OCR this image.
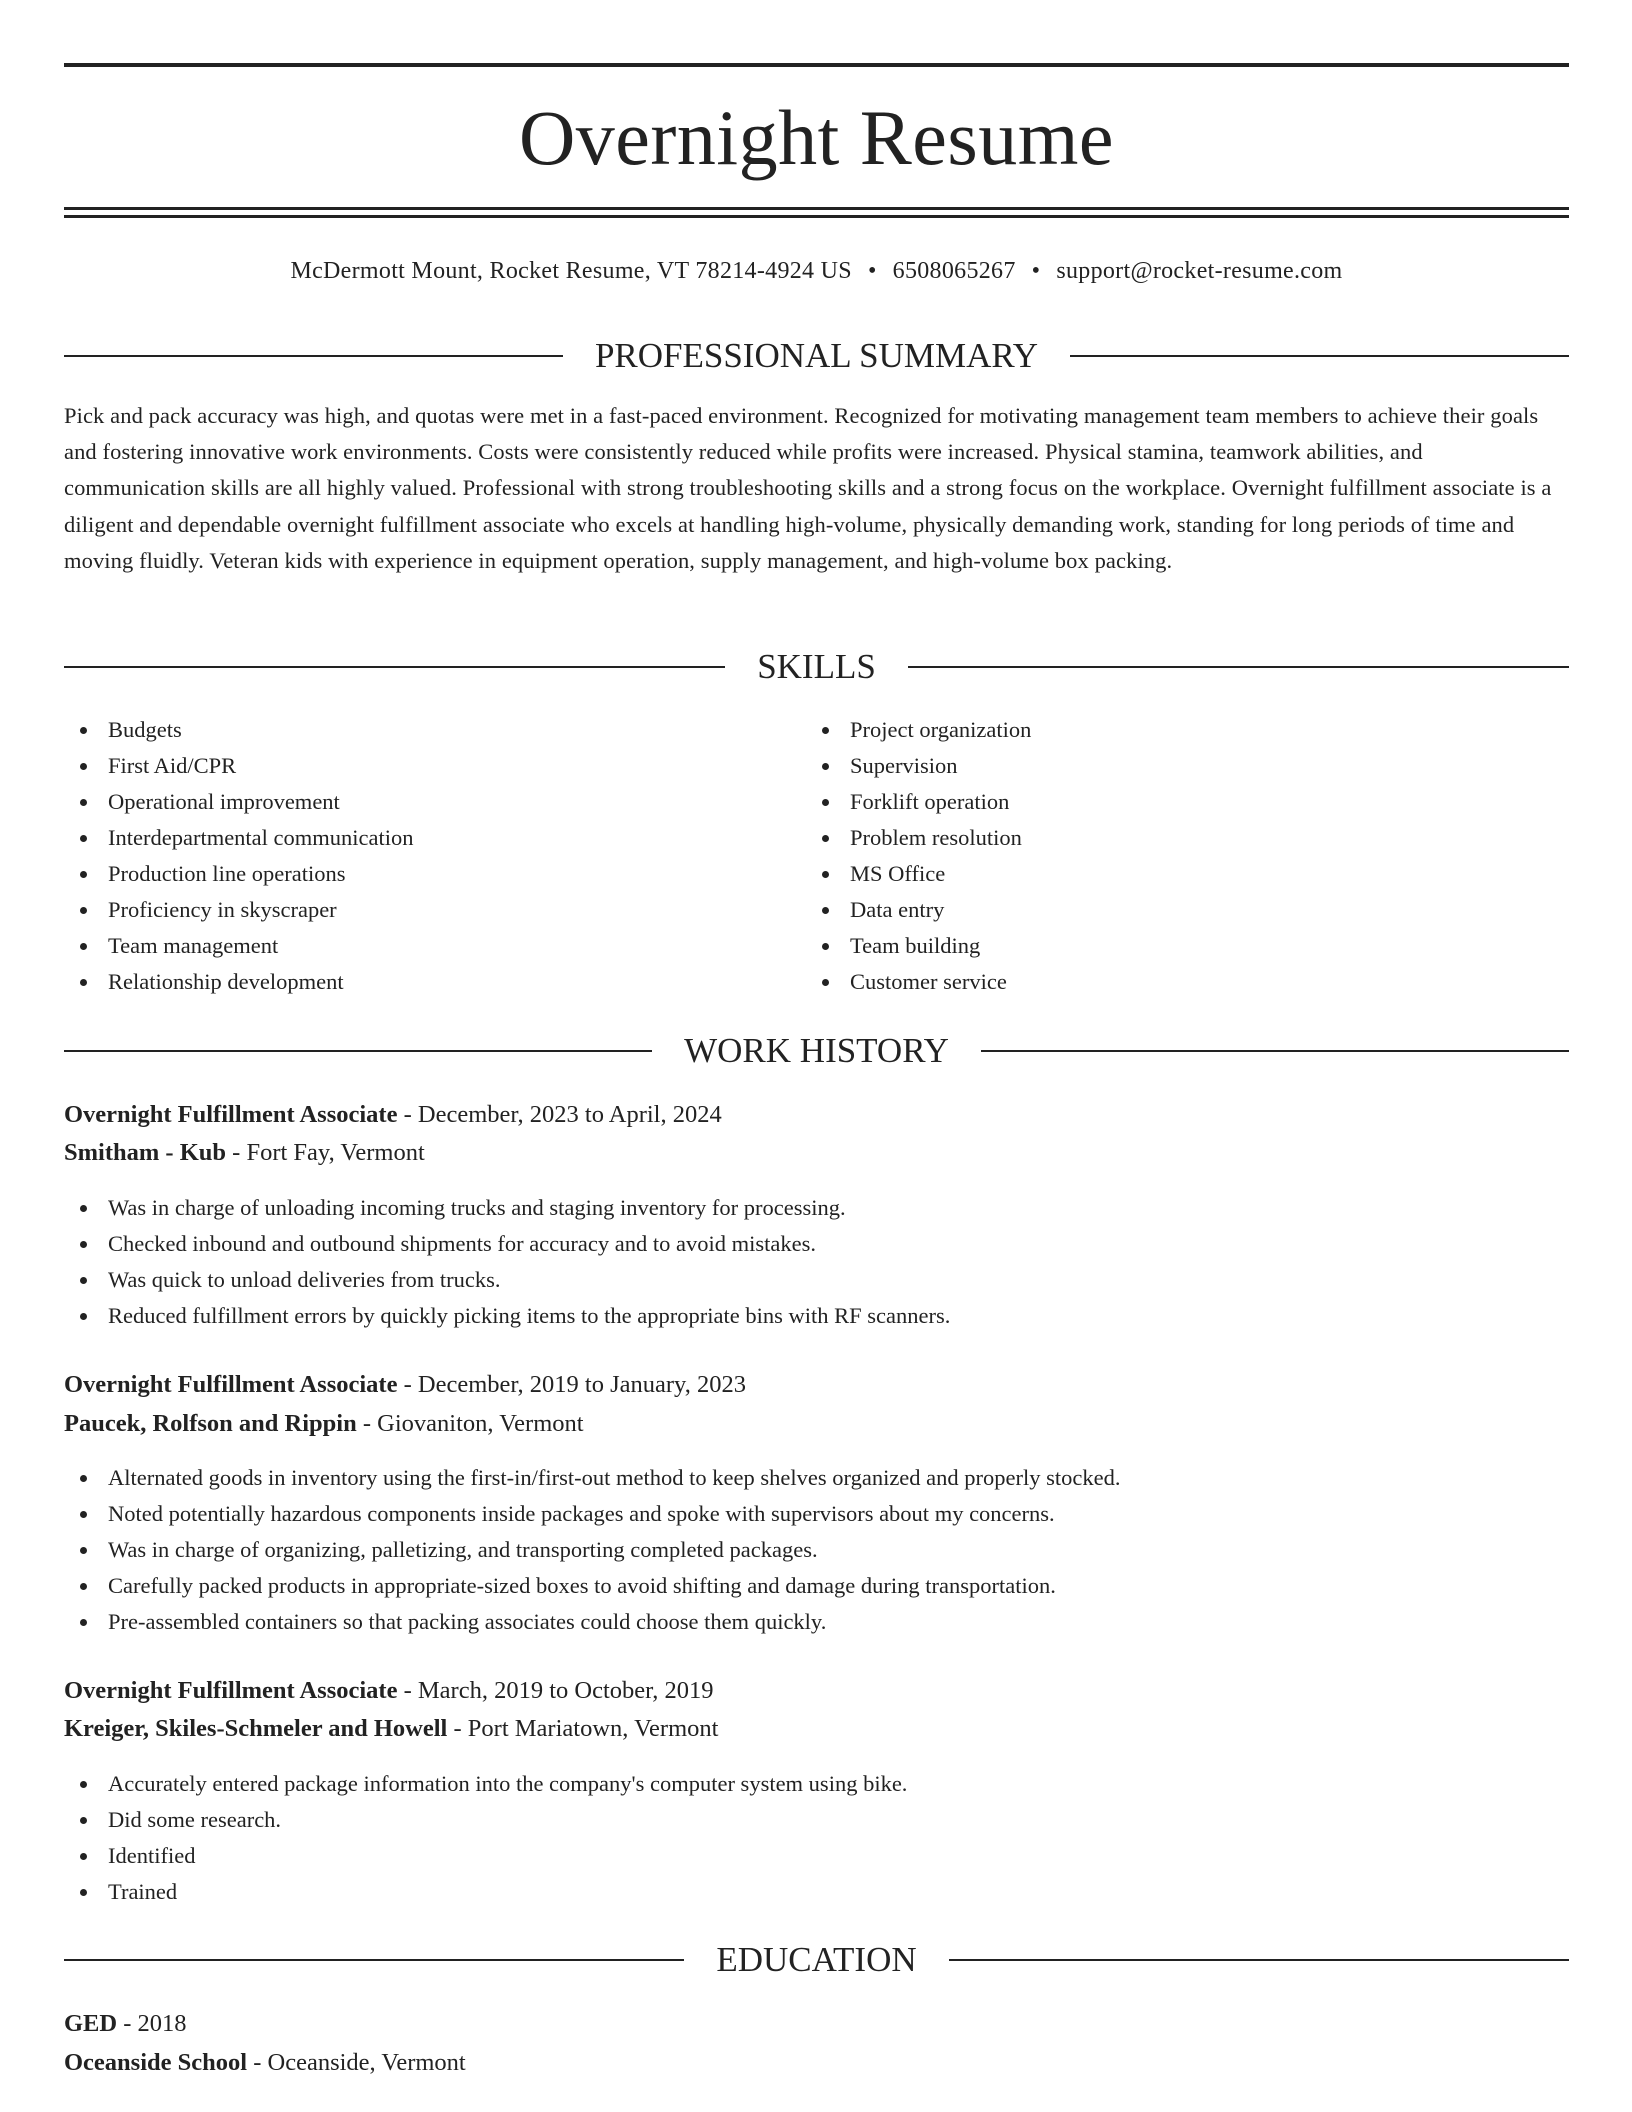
Overnight Resume
McDermott Mount, Rocket Resume, VT 78214-4924 US • 6508065267 • support@rocket-resume.com
PROFESSIONAL SUMMARY
Pick and pack accuracy was high, and quotas were met in a fast-paced environment. Recognized for motivating management team members to achieve their goals and fostering innovative work environments. Costs were consistently reduced while profits were increased. Physical stamina, teamwork abilities, and communication skills are all highly valued. Professional with strong troubleshooting skills and a strong focus on the workplace. Overnight fulfillment associate is a diligent and dependable overnight fulfillment associate who excels at handling high-volume, physically demanding work, standing for long periods of time and moving fluidly. Veteran kids with experience in equipment operation, supply management, and high-volume box packing.
SKILLS
Budgets
First Aid/CPR
Operational improvement
Interdepartmental communication
Production line operations
Proficiency in skyscraper
Team management
Relationship development
Project organization
Supervision
Forklift operation
Problem resolution
MS Office
Data entry
Team building
Customer service
WORK HISTORY
Overnight Fulfillment Associate - December, 2023 to April, 2024
Smitham - Kub - Fort Fay, Vermont
Was in charge of unloading incoming trucks and staging inventory for processing.
Checked inbound and outbound shipments for accuracy and to avoid mistakes.
Was quick to unload deliveries from trucks.
Reduced fulfillment errors by quickly picking items to the appropriate bins with RF scanners.
Overnight Fulfillment Associate - December, 2019 to January, 2023
Paucek, Rolfson and Rippin - Giovaniton, Vermont
Alternated goods in inventory using the first-in/first-out method to keep shelves organized and properly stocked.
Noted potentially hazardous components inside packages and spoke with supervisors about my concerns.
Was in charge of organizing, palletizing, and transporting completed packages.
Carefully packed products in appropriate-sized boxes to avoid shifting and damage during transportation.
Pre-assembled containers so that packing associates could choose them quickly.
Overnight Fulfillment Associate - March, 2019 to October, 2019
Kreiger, Skiles-Schmeler and Howell - Port Mariatown, Vermont
Accurately entered package information into the company's computer system using bike.
Did some research.
Identified
Trained
EDUCATION
GED - 2018
Oceanside School - Oceanside, Vermont
